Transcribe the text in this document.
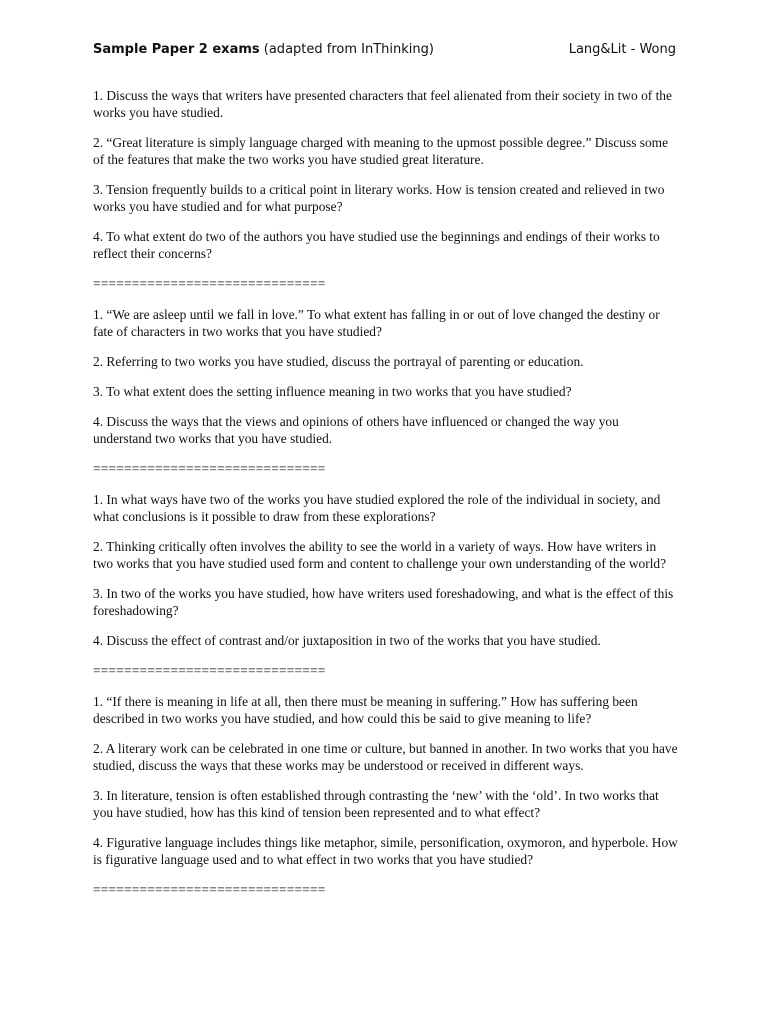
Sample Paper 2 exams (adapted from InThinking)	Lang&Lit - Wong

1. Discuss the ways that writers have presented characters that feel alienated from their society in two of the works you have studied.

2. “Great literature is simply language charged with meaning to the upmost possible degree.” Discuss some of the features that make the two works you have studied great literature.

3. Tension frequently builds to a critical point in literary works. How is tension created and relieved in two works you have studied and for what purpose?

4. To what extent do two of the authors you have studied use the beginnings and endings of their works to reflect their concerns?

==============================

1. “We are asleep until we fall in love.” To what extent has falling in or out of love changed the destiny or fate of characters in two works that you have studied?

2. Referring to two works you have studied, discuss the portrayal of parenting or education.

3. To what extent does the setting influence meaning in two works that you have studied?

4. Discuss the ways that the views and opinions of others have influenced or changed the way you understand two works that you have studied.

==============================

1. In what ways have two of the works you have studied explored the role of the individual in society, and what conclusions is it possible to draw from these explorations?

2. Thinking critically often involves the ability to see the world in a variety of ways. How have writers in two works that you have studied used form and content to challenge your own understanding of the world?

3. In two of the works you have studied, how have writers used foreshadowing, and what is the effect of this foreshadowing?

4. Discuss the effect of contrast and/or juxtaposition in two of the works that you have studied.

==============================

1. “If there is meaning in life at all, then there must be meaning in suffering.” How has suffering been described in two works you have studied, and how could this be said to give meaning to life?

2. A literary work can be celebrated in one time or culture, but banned in another. In two works that you have studied, discuss the ways that these works may be understood or received in different ways.

3. In literature, tension is often established through contrasting the ‘new’ with the ‘old’. In two works that you have studied, how has this kind of tension been represented and to what effect?

4. Figurative language includes things like metaphor, simile, personification, oxymoron, and hyperbole. How is figurative language used and to what effect in two works that you have studied?

==============================
